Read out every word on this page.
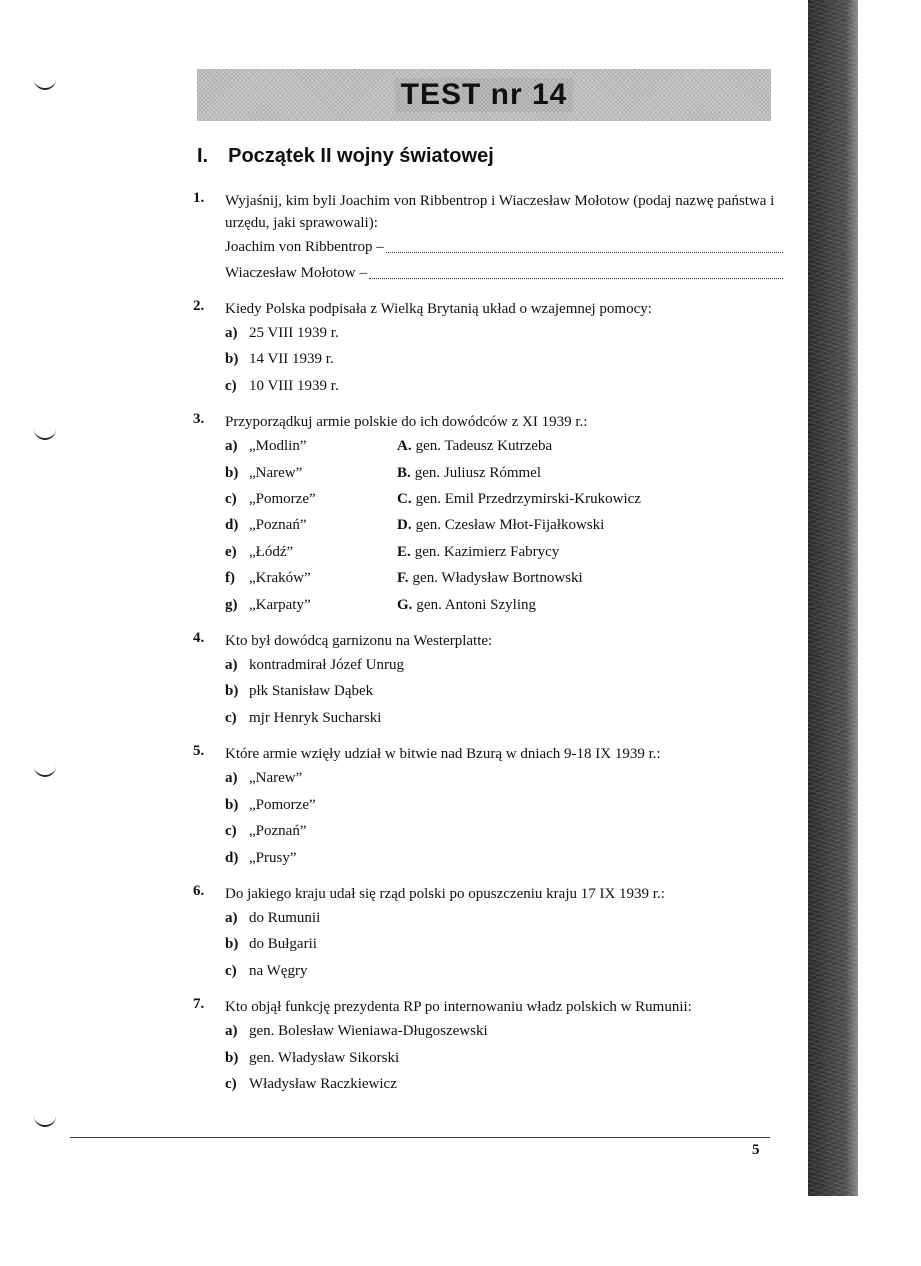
TEST nr 14
I. Początek II wojny światowej
1.	Wyjaśnij, kim byli Joachim von Ribbentrop i Wiaczesław Mołotow (podaj nazwę państwa i urzędu, jaki sprawowali):
Joachim von Ribbentrop –
Wiaczesław Mołotow –
2.	Kiedy Polska podpisała z Wielką Brytanią układ o wzajemnej pomocy:
a) 25 VIII 1939 r.
b) 14 VII 1939 r.
c) 10 VIII 1939 r.
3.	Przyporządkuj armie polskie do ich dowódców z XI 1939 r.:
a) „Modlin”	A. gen. Tadeusz Kutrzeba
b) „Narew”	B. gen. Juliusz Rómmel
c) „Pomorze”	C. gen. Emil Przedrzymirski-Krukowicz
d) „Poznań”	D. gen. Czesław Młot-Fijałkowski
e) „Łódź”	E. gen. Kazimierz Fabrycy
f) „Kraków”	F. gen. Władysław Bortnowski
g) „Karpaty”	G. gen. Antoni Szyling
4.	Kto był dowódcą garnizonu na Westerplatte:
a) kontradmirał Józef Unrug
b) płk Stanisław Dąbek
c) mjr Henryk Sucharski
5.	Które armie wzięły udział w bitwie nad Bzurą w dniach 9-18 IX 1939 r.:
a) „Narew”
b) „Pomorze”
c) „Poznań”
d) „Prusy”
6.	Do jakiego kraju udał się rząd polski po opuszczeniu kraju 17 IX 1939 r.:
a) do Rumunii
b) do Bułgarii
c) na Węgry
7.	Kto objął funkcję prezydenta RP po internowaniu władz polskich w Rumunii:
a) gen. Bolesław Wieniawa-Długoszewski
b) gen. Władysław Sikorski
c) Władysław Raczkiewicz
5
